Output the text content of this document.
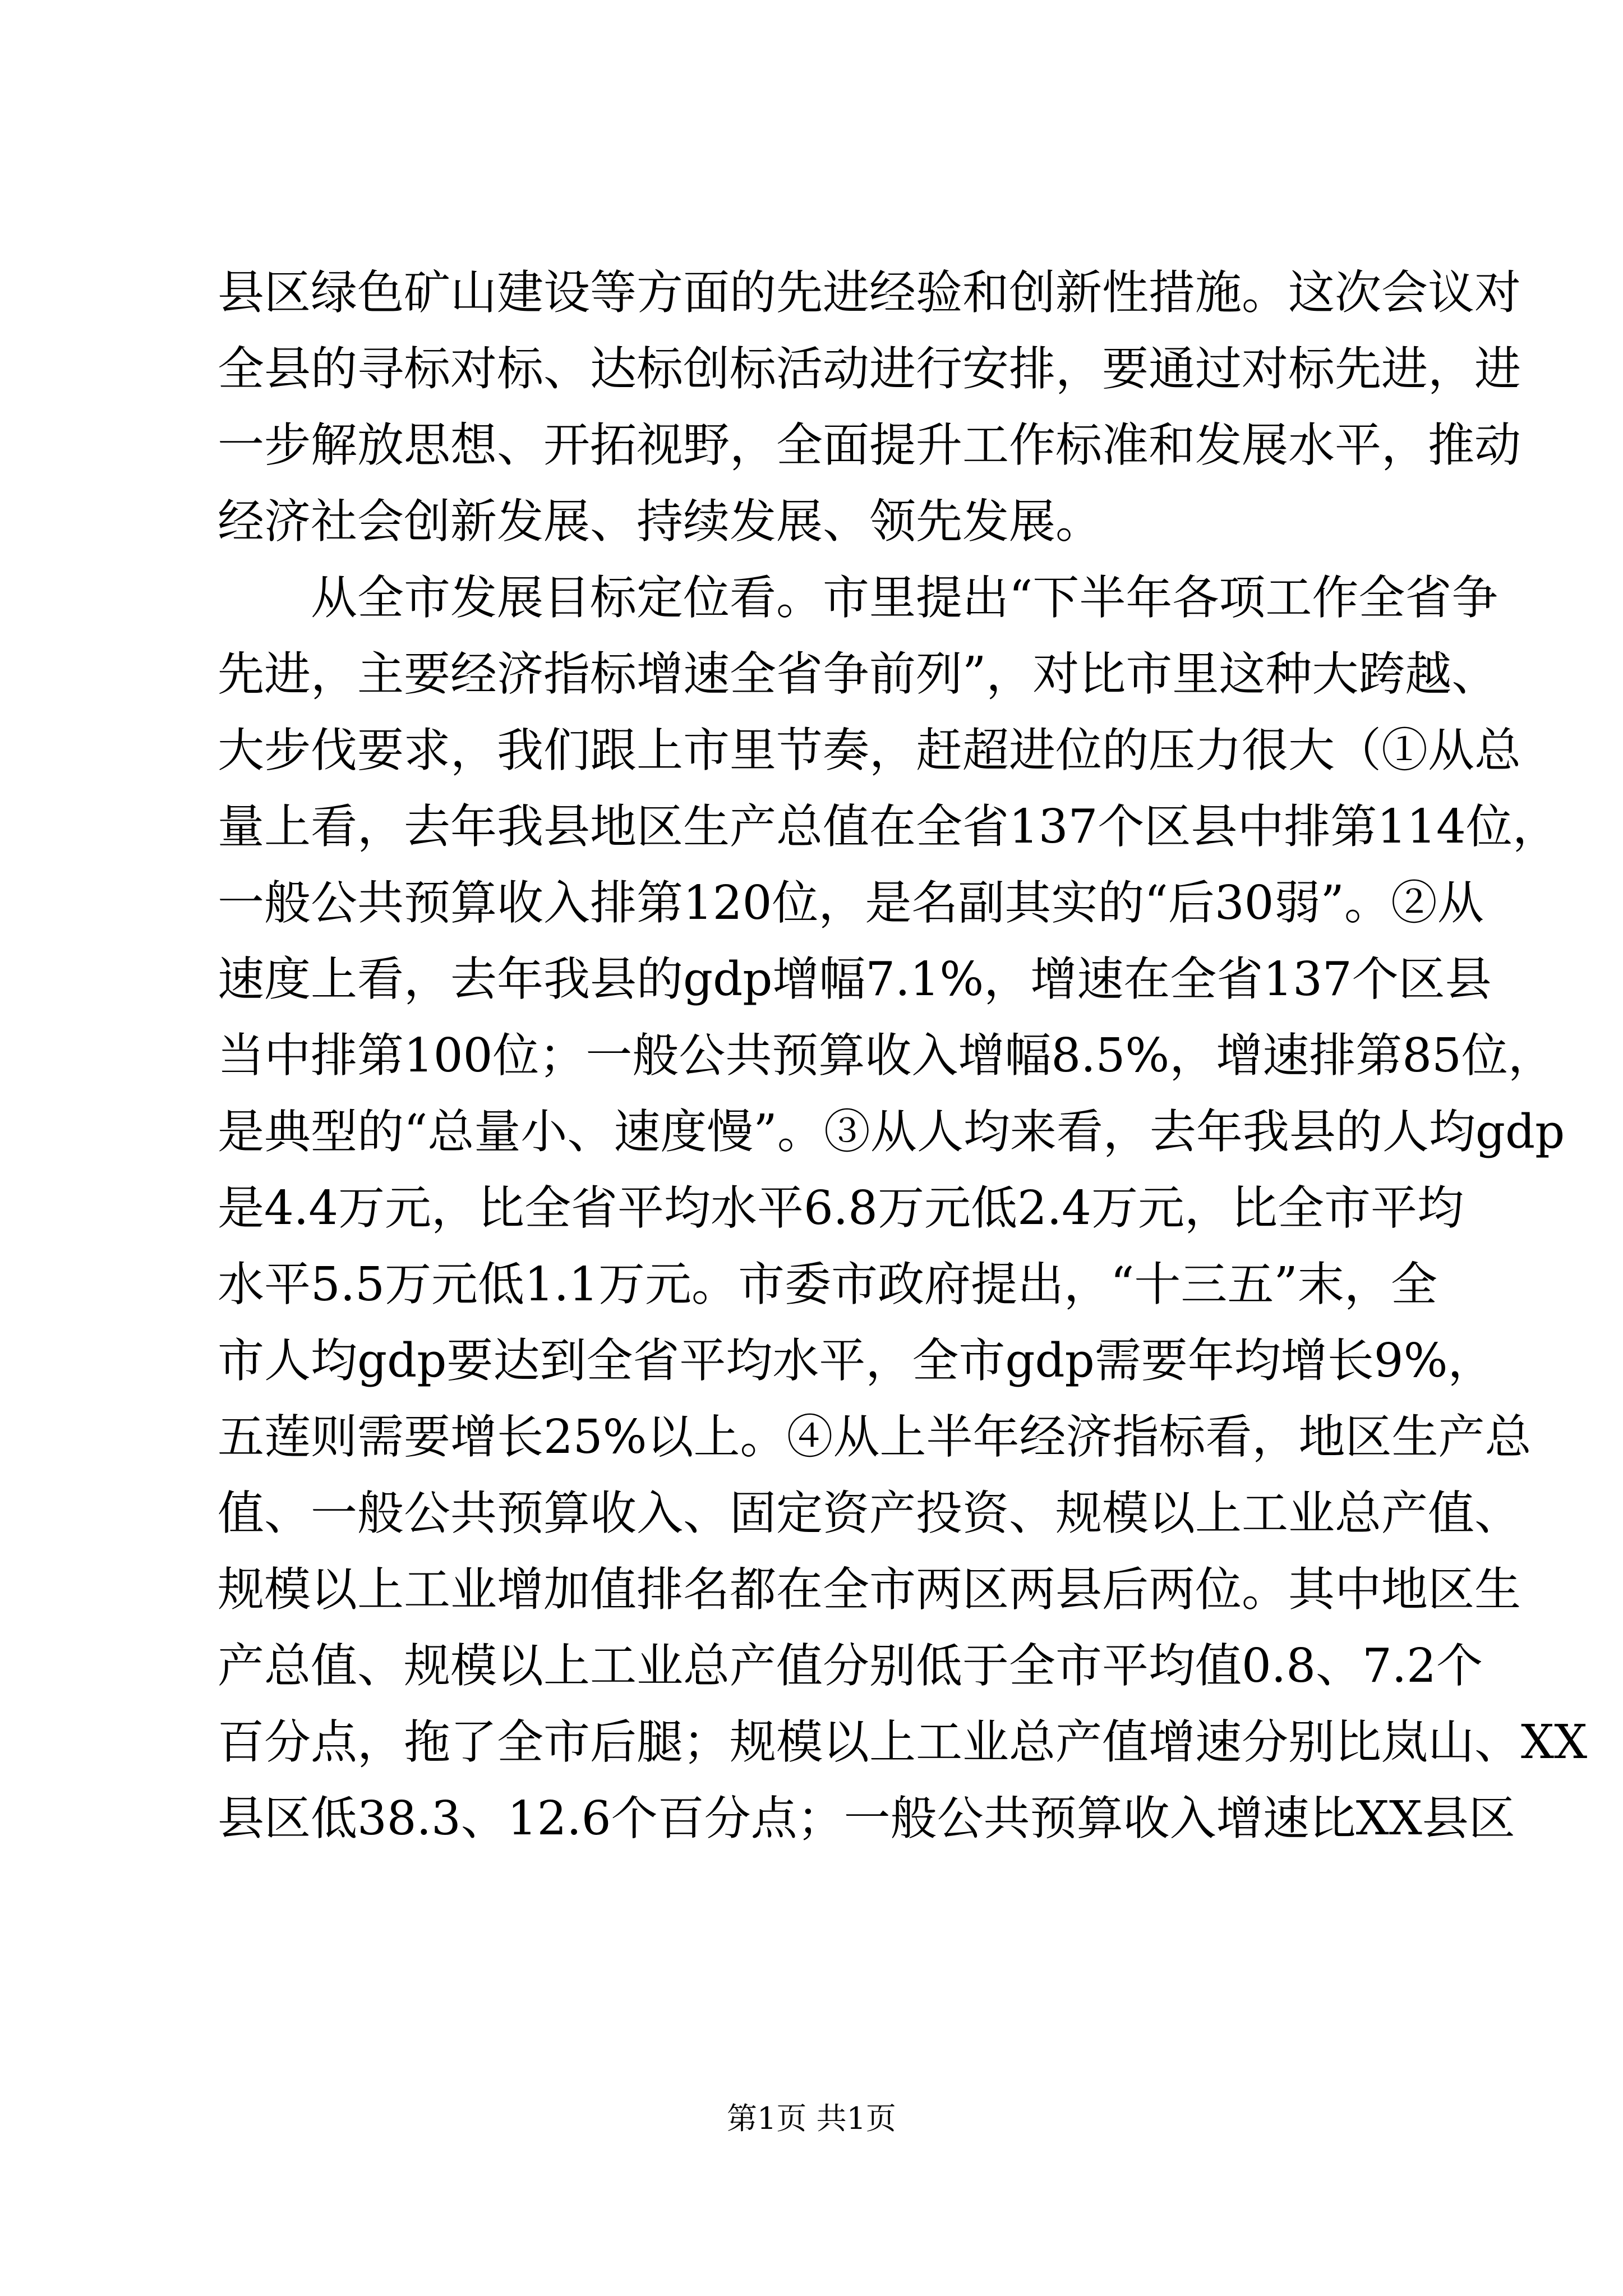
县区绿色矿山建设等方面的先进经验和创新性措施。这次会议对
全县的寻标对标、达标创标活动进行安排，要通过对标先进，进
一步解放思想、开拓视野，全面提升工作标准和发展水平，推动
经济社会创新发展、持续发展、领先发展。
从全市发展目标定位看。市里提出“下半年各项工作全省争
先进，主要经济指标增速全省争前列”，对比市里这种大跨越、
大步伐要求，我们跟上市里节奏，赶超进位的压力很大（①从总
量上看，去年我县地区生产总值在全省137个区县中排第114位，
一般公共预算收入排第120位，是名副其实的“后30弱”。②从
速度上看，去年我县的gdp增幅7.1%，增速在全省137个区县
当中排第100位；一般公共预算收入增幅8.5%，增速排第85位，
是典型的“总量小、速度慢”。③从人均来看，去年我县的人均gdp
是4.4万元，比全省平均水平6.8万元低2.4万元，比全市平均
水平5.5万元低1.1万元。市委市政府提出，“十三五”末，全
市人均gdp要达到全省平均水平，全市gdp需要年均增长9%，
五莲则需要增长25%以上。④从上半年经济指标看，地区生产总
值、一般公共预算收入、固定资产投资、规模以上工业总产值、
规模以上工业增加值排名都在全市两区两县后两位。其中地区生
产总值、规模以上工业总产值分别低于全市平均值0.8、7.2个
百分点，拖了全市后腿；规模以上工业总产值增速分别比岚山、XX
县区低38.3、12.6个百分点；一般公共预算收入增速比XX县区
第1页 共1页
